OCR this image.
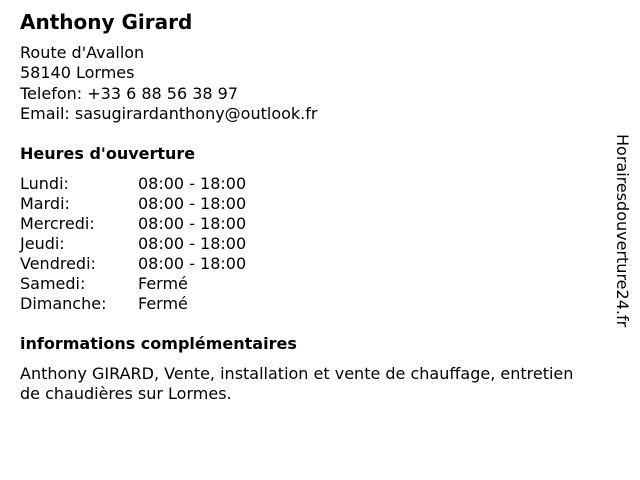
Anthony Girard

Route d'Avallon

58140 Lormes

Telefon: +33 6 88 56 38 97

Email: sasugirardanthony@outlook.fr

Heures d'ouverture
Lundi:	08:00 - 18:00
Mardi:	08:00 - 18:00
Mercredi:	08:00 - 18:00
Jeudi:	08:00 - 18:00
Vendredi:	08:00 - 18:00
Samedi:	Fermé
Dimanche: Fermé
informations complémentaires

Anthony GIRARD, Vente, installation et vente de chauffage, entretien
de chaudières sur Lormes.

Horairesdouverture24.fr
